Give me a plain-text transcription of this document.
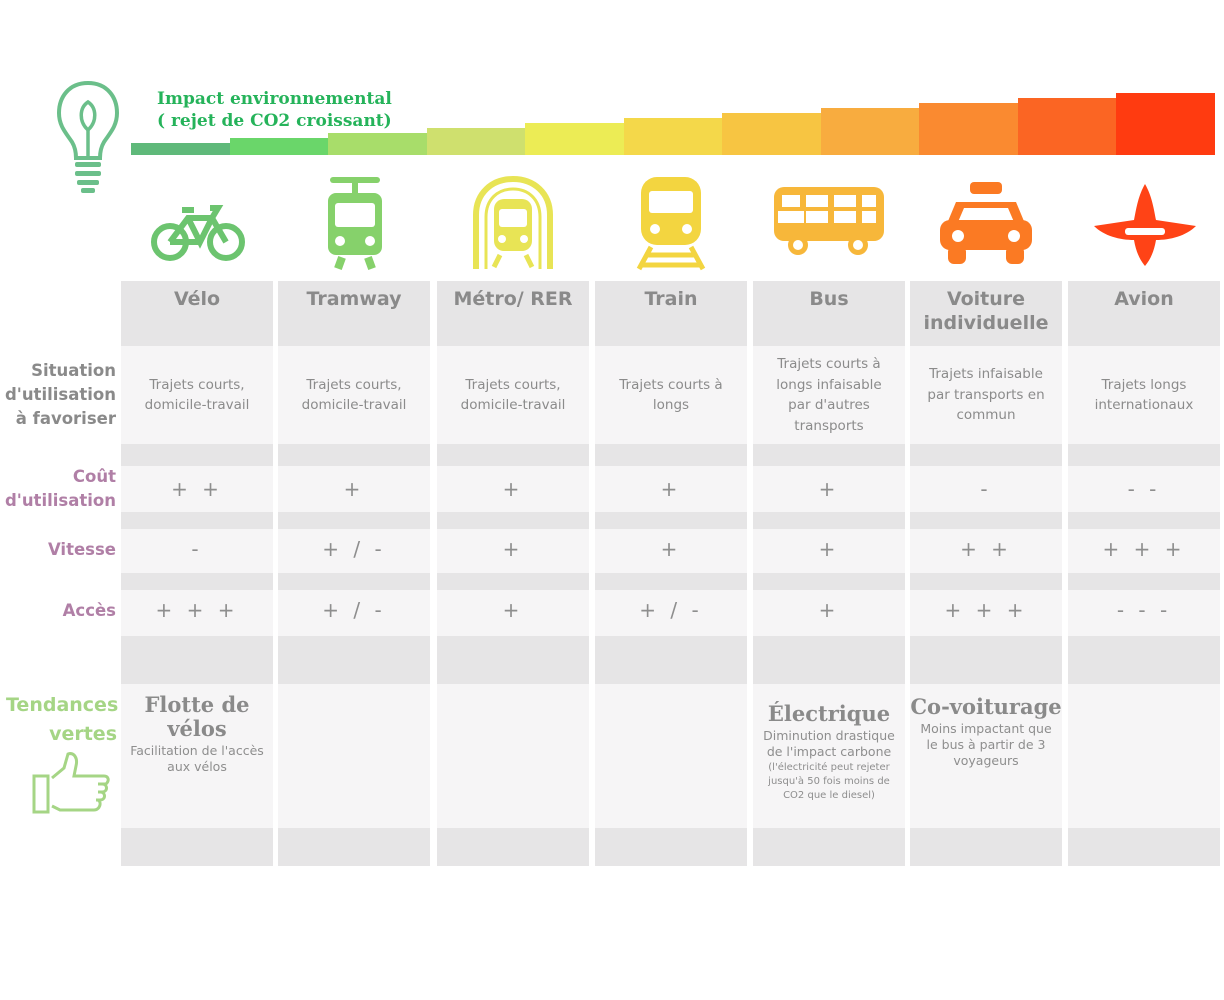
Impact environnemental
( rejet de CO2 croissant)
Vélo
Trajets courts,
domicile-travail
+ +
-
+ + +
Flotte de
vélos
Facilitation de l'accès
aux vélos
Tramway
Trajets courts,
domicile-travail
+
+ / -
+ / -
Métro/ RER
Trajets courts,
domicile-travail
+
+
+
Train
Trajets courts à
longs
+
+
+ / -
Bus
Trajets courts à
longs infaisable
par d'autres
transports
+
+
+
Électrique
Diminution drastique
de l'impact carbone
(l'électricité peut rejeter
jusqu'à 50 fois moins de
CO2 que le diesel)
Voiture
individuelle
Trajets infaisable
par transports en
commun
-
+ +
+ + +
Co-voiturage
Moins impactant que
le bus à partir de 3
voyageurs
Avion
Trajets longs
internationaux
- -
+ + +
- - -
Situation
d'utilisation
à favoriser
Coût
d'utilisation
Vitesse
Accès
Tendances
vertes
